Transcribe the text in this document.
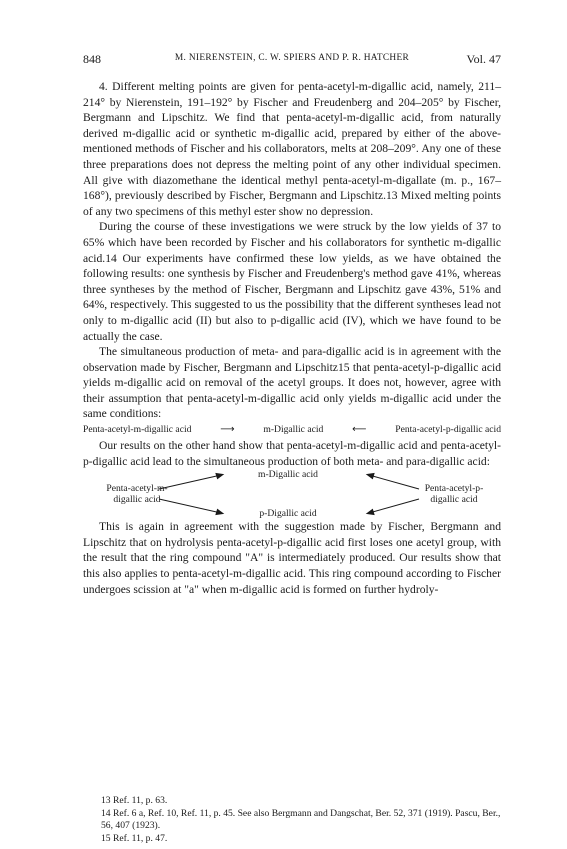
848	M. NIERENSTEIN, C. W. SPIERS AND P. R. HATCHER	Vol. 47

4. Different melting points are given for penta-acetyl-m-digallic acid, namely, 211–214° by Nierenstein, 191–192° by Fischer and Freudenberg and 204–205° by Fischer, Bergmann and Lipschitz. We find that penta-acetyl-m-digallic acid, from naturally derived m-digallic acid or synthetic m-digallic acid, prepared by either of the above-mentioned methods of Fischer and his collaborators, melts at 208–209°. Any one of these three preparations does not depress the melting point of any other individual specimen. All give with diazomethane the identical methyl penta-acetyl-m-digallate (m. p., 167–168°), previously described by Fischer, Bergmann and Lipschitz.13 Mixed melting points of any two specimens of this methyl ester show no depression.

During the course of these investigations we were struck by the low yields of 37 to 65% which have been recorded by Fischer and his collaborators for synthetic m-digallic acid.14 Our experiments have confirmed these low yields, as we have obtained the following results: one synthesis by Fischer and Freudenberg's method gave 41%, whereas three syntheses by the method of Fischer, Bergmann and Lipschitz gave 43%, 51% and 64%, respectively. This suggested to us the possibility that the different syntheses lead not only to m-digallic acid (II) but also to p-digallic acid (IV), which we have found to be actually the case.

The simultaneous production of meta- and para-digallic acid is in agreement with the observation made by Fischer, Bergmann and Lipschitz15 that penta-acetyl-p-digallic acid yields m-digallic acid on removal of the acetyl groups. It does not, however, agree with their assumption that penta-acetyl-m-digallic acid only yields m-digallic acid under the same conditions:

Penta-acetyl-m-digallic acid	⟶	m-Digallic acid	⟵	Penta-acetyl-p-digallic acid

Our results on the other hand show that penta-acetyl-m-digallic acid and penta-acetyl-p-digallic acid lead to the simultaneous production of both meta- and para-digallic acid:

Penta-acetyl-m-
digallic acid
m-Digallic acid
p-Digallic acid
Penta-acetyl-p-
digallic acid

This is again in agreement with the suggestion made by Fischer, Bergmann and Lipschitz that on hydrolysis penta-acetyl-p-digallic acid first loses one acetyl group, with the result that the ring compound "A" is intermediately produced. Our results show that this also applies to penta-acetyl-m-digallic acid. This ring compound according to Fischer undergoes scission at "a" when m-digallic acid is formed on further hydroly-

13 Ref. 11, p. 63.
14 Ref. 6 a, Ref. 10, Ref. 11, p. 45. See also Bergmann and Dangschat, Ber. 52, 371 (1919). Pascu, Ber., 56, 407 (1923).
15 Ref. 11, p. 47.
